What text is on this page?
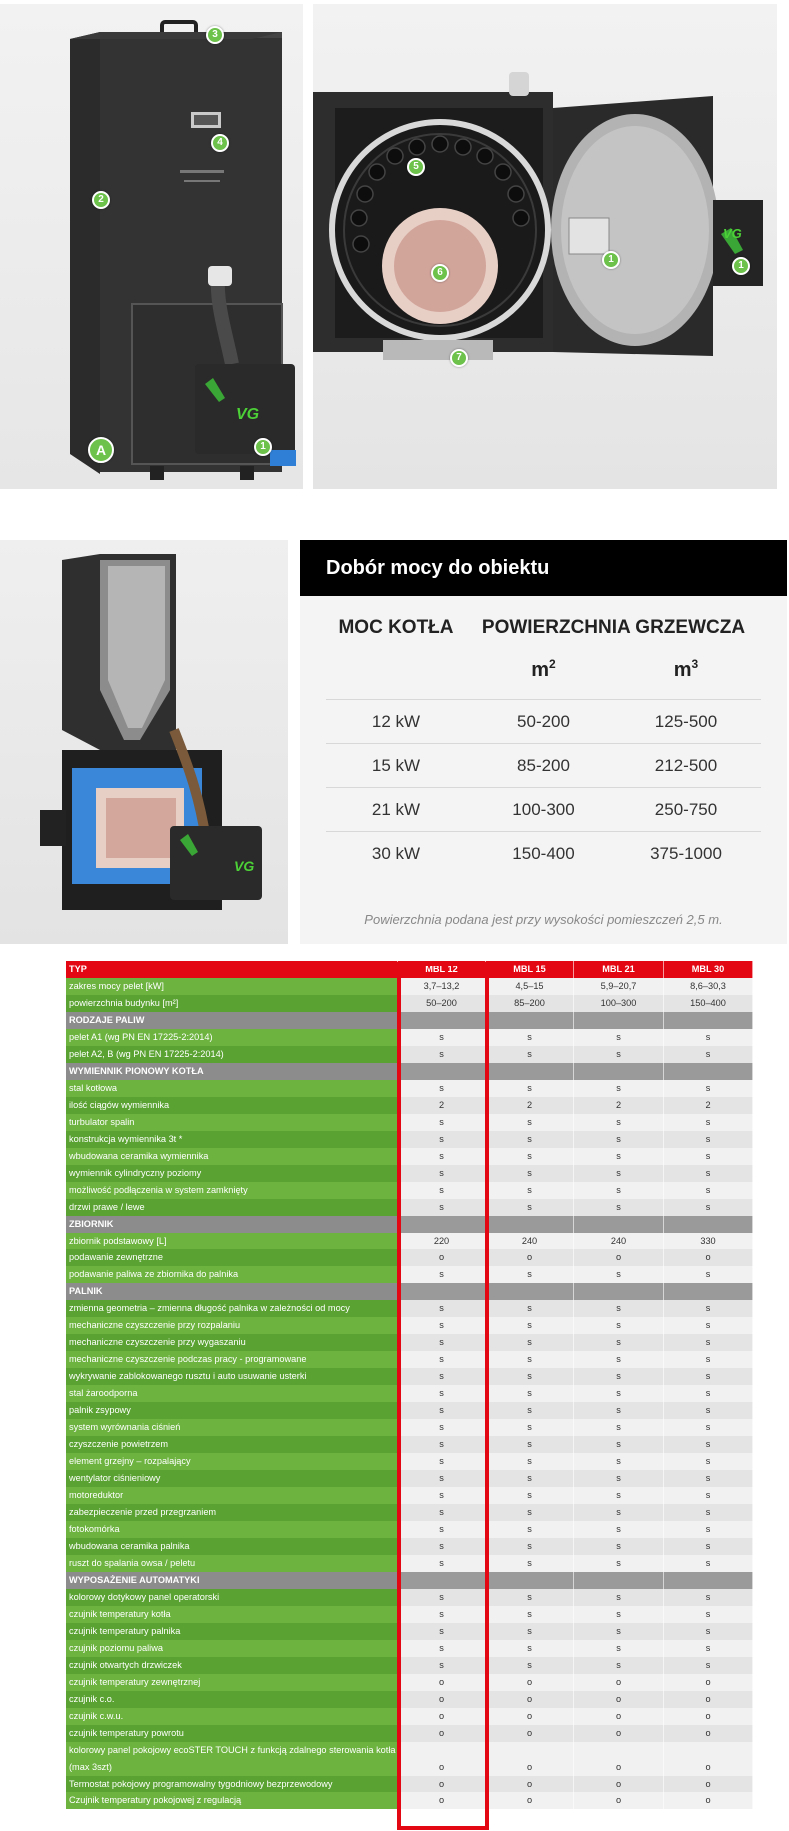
3
4
2
A	1
VG
5
6
1
1
7
VG
VG
Dobór mocy do obiektu
MOC KOTŁA	POWIERZCHNIA GRZEWCZA
$m^2$	$m^3$
12 kW	50-200	125-500
15 kW	85-200	212-500
21 kW	100-300	250-750
30 kW	150-400	375-1000
Powierzchnia podana jest przy wysokości pomieszczeń 2,5 m.
TYP	MBL 12	MBL 15	MBL 21	MBL 30
zakres mocy pelet [kW]	3,7–13,2	4,5–15	5,9–20,7	8,6–30,3
powierzchnia budynku [m²]	50–200	85–200	100–300	150–400
RODZAJE PALIW
pelet A1 (wg PN EN 17225-2:2014)	s	s	s	s
pelet A2, B (wg PN EN 17225-2:2014)	s	s	s	s
WYMIENNIK PIONOWY KOTŁA
stal kotłowa	s	s	s	s
ilość ciągów wymiennika	2	2	2	2
turbulator spalin	s	s	s	s
konstrukcja wymiennika 3t *	s	s	s	s
wbudowana ceramika wymiennika	s	s	s	s
wymiennik cylindryczny poziomy	s	s	s	s
możliwość podłączenia w system zamknięty	s	s	s	s
drzwi prawe / lewe	s	s	s	s
ZBIORNIK
zbiornik podstawowy [L]	220	240	240	330
podawanie zewnętrzne	o	o	o	o
podawanie paliwa ze zbiornika do palnika	s	s	s	s
PALNIK
zmienna geometria – zmienna długość palnika w zależności od mocy	s	s	s	s
mechaniczne czyszczenie przy rozpalaniu	s	s	s	s
mechaniczne czyszczenie przy wygaszaniu	s	s	s	s
mechaniczne czyszczenie podczas pracy - programowane	s	s	s	s
wykrywanie zablokowanego rusztu i auto usuwanie usterki	s	s	s	s
stal żaroodporna	s	s	s	s
palnik zsypowy	s	s	s	s
system wyrównania ciśnień	s	s	s	s
czyszczenie powietrzem	s	s	s	s
element grzejny – rozpalający	s	s	s	s
wentylator ciśnieniowy	s	s	s	s
motoreduktor	s	s	s	s
zabezpieczenie przed przegrzaniem	s	s	s	s
fotokomórka	s	s	s	s
wbudowana ceramika palnika	s	s	s	s
ruszt do spalania owsa / peletu	s	s	s	s
WYPOSAŻENIE AUTOMATYKI
kolorowy dotykowy panel operatorski	s	s	s	s
czujnik temperatury kotła	s	s	s	s
czujnik temperatury palnika	s	s	s	s
czujnik poziomu paliwa	s	s	s	s
czujnik otwartych drzwiczek	s	s	s	s
czujnik temperatury zewnętrznej	o	o	o	o
czujnik c.o.	o	o	o	o
czujnik c.w.u.	o	o	o	o
czujnik temperatury powrotu	o	o	o	o
kolorowy panel pokojowy ecoSTER TOUCH z funkcją zdalnego sterowania kotła (max 3szt)	o	o	o	o
Termostat pokojowy programowalny tygodniowy bezprzewodowy	o	o	o	o
Czujnik temperatury pokojowej z regulacją	o	o	o	o
